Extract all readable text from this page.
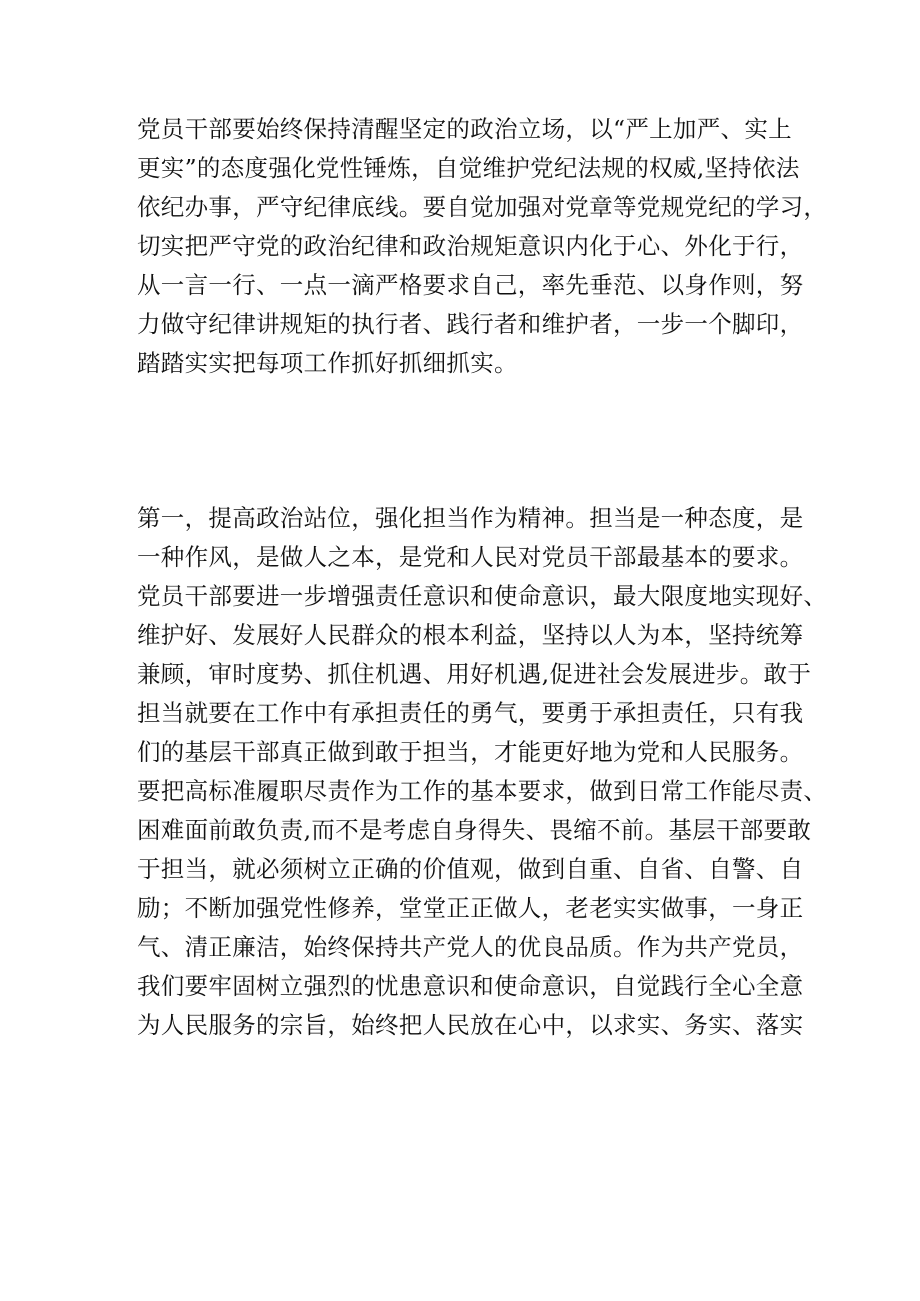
党员干部要始终保持清醒坚定的政治立场，以“严上加严、实上
更实”的态度强化党性锤炼，自觉维护党纪法规的权威,坚持依法
依纪办事，严守纪律底线。要自觉加强对党章等党规党纪的学习，
切实把严守党的政治纪律和政治规矩意识内化于心、外化于行，
从一言一行、一点一滴严格要求自己，率先垂范、以身作则，努
力做守纪律讲规矩的执行者、践行者和维护者，一步一个脚印，
踏踏实实把每项工作抓好抓细抓实。
第一，提高政治站位，强化担当作为精神。担当是一种态度，是
一种作风，是做人之本，是党和人民对党员干部最基本的要求。
党员干部要进一步增强责任意识和使命意识，最大限度地实现好、
维护好、发展好人民群众的根本利益，坚持以人为本，坚持统筹
兼顾，审时度势、抓住机遇、用好机遇,促进社会发展进步。敢于
担当就要在工作中有承担责任的勇气，要勇于承担责任，只有我
们的基层干部真正做到敢于担当，才能更好地为党和人民服务。
要把高标准履职尽责作为工作的基本要求，做到日常工作能尽责、
困难面前敢负责,而不是考虑自身得失、畏缩不前。基层干部要敢
于担当，就必须树立正确的价值观，做到自重、自省、自警、自
励；不断加强党性修养，堂堂正正做人，老老实实做事，一身正
气、清正廉洁，始终保持共产党人的优良品质。作为共产党员，
我们要牢固树立强烈的忧患意识和使命意识，自觉践行全心全意
为人民服务的宗旨，始终把人民放在心中，以求实、务实、落实
